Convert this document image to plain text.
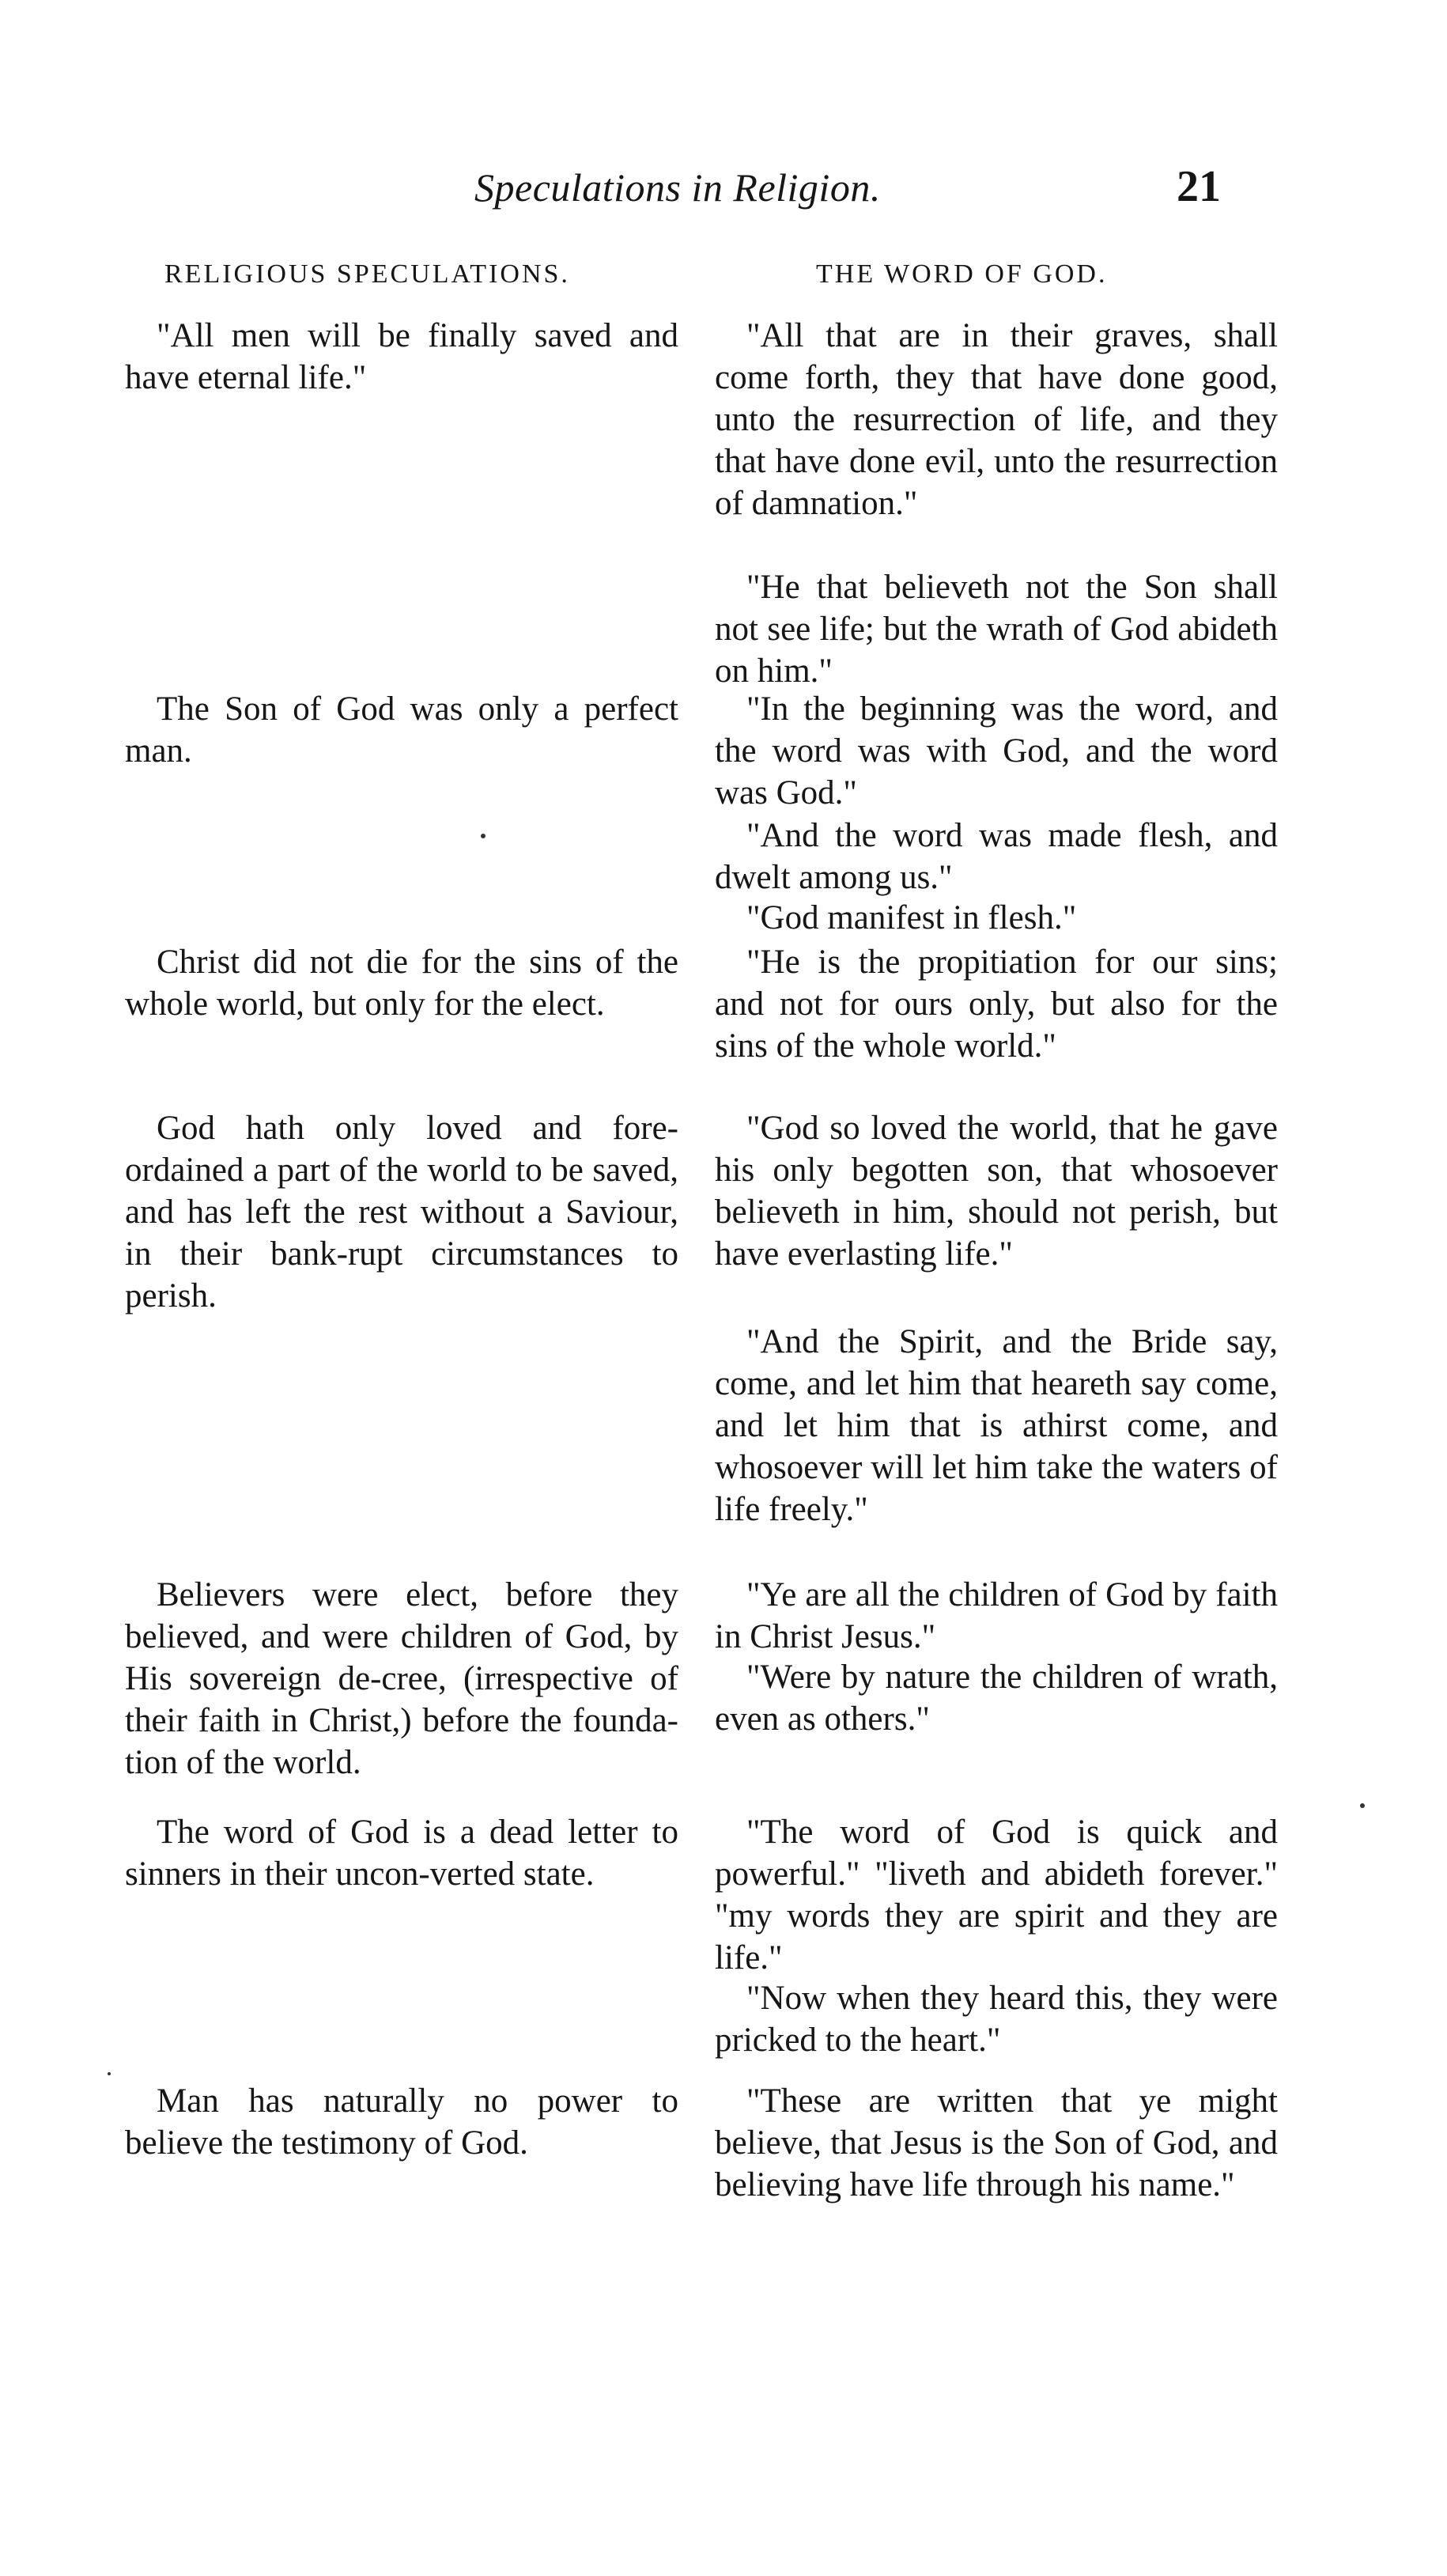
Speculations in Religion.	21
RELIGIOUS SPECULATIONS.	THE WORD OF GOD.
"All men will be finally saved and have eternal life."
The Son of God was only a perfect man.
Christ did not die for the sins of the whole world, but only for the elect.
God hath only loved and fore-ordained a part of the world to be saved, and has left the rest without a Saviour, in their bank-rupt circumstances to perish.
Believers were elect, before they believed, and were children of God, by His sovereign de-cree, (irrespective of their faith in Christ,) before the founda-tion of the world.
The word of God is a dead letter to sinners in their uncon-verted state.
Man has naturally no power to believe the testimony of God.
"All that are in their graves, shall come forth, they that have done good, unto the resurrection of life, and they that have done evil, unto the resurrection of damnation."
"He that believeth not the Son shall not see life; but the wrath of God abideth on him."
"In the beginning was the word, and the word was with God, and the word was God."
"And the word was made flesh, and dwelt among us."
"God manifest in flesh."
"He is the propitiation for our sins; and not for ours only, but also for the sins of the whole world."
"God so loved the world, that he gave his only begotten son, that whosoever believeth in him, should not perish, but have everlasting life."
"And the Spirit, and the Bride say, come, and let him that heareth say come, and let him that is athirst come, and whosoever will let him take the waters of life freely."
"Ye are all the children of God by faith in Christ Jesus."
"Were by nature the children of wrath, even as others."
"The word of God is quick and powerful." "liveth and abideth forever." "my words they are spirit and they are life."
"Now when they heard this, they were pricked to the heart."
"These are written that ye might believe, that Jesus is the Son of God, and believing have life through his name."
